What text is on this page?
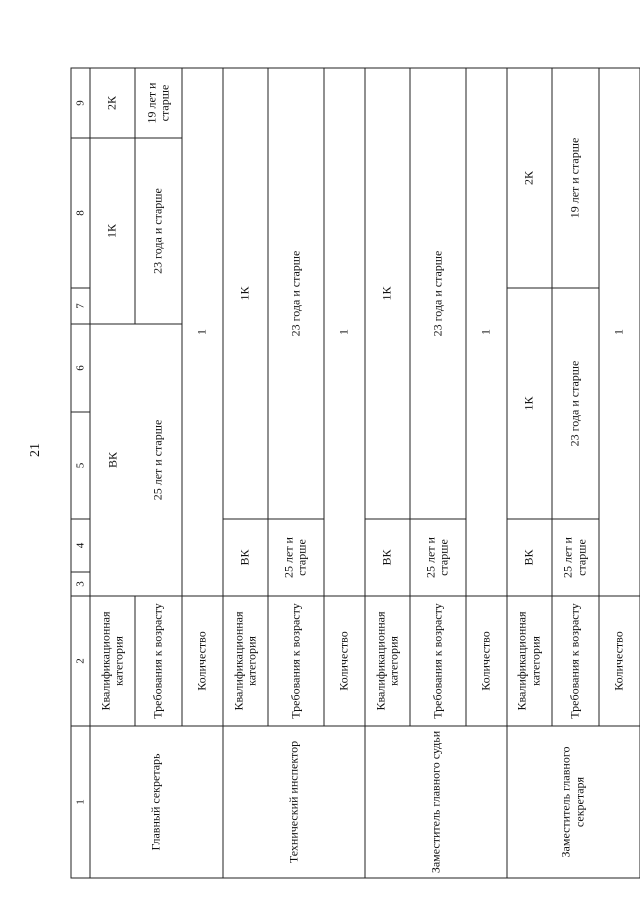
21
1	2	3	4	5	6	7	8	9	
Главный секретарь	Квалификационная категория	ВК				1К		2К	
	Требования к возрасту	25 лет и старше				23 года и старше		19 лет и старше	
	Количество	1							
Технический инспектор	Квалификационная категория	ВК		1К	
	Требования к возрасту	25 лет и старше		23 года и старше	
	Количество	1							
Заместитель главного судьи	Квалификационная категория	ВК		1К	
	Требования к возрасту	25 лет и старше		23 года и старше	
	Количество	1							
Заместитель главного секретаря	Квалификационная категория	ВК		1К			2К		
	Требования к возрасту	25 лет и старше		23 года и старше			19 лет и старше		
	Количество	1							
